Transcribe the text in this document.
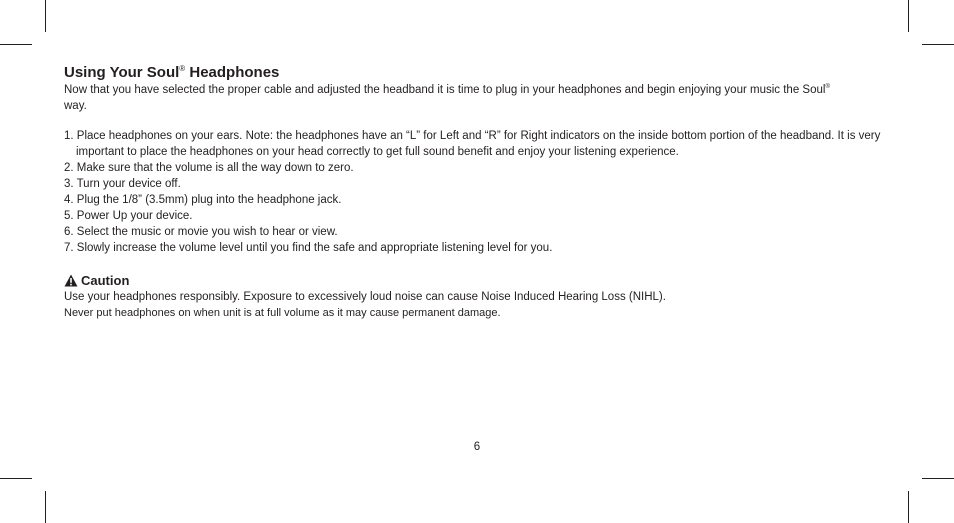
Using Your Soul® Headphones

Now that you have selected the proper cable and adjusted the headband it is time to plug in your headphones and begin enjoying your music the Soul®
way.

1. Place headphones on your ears. Note: the headphones have an “L” for Left and “R” for Right indicators on the inside bottom portion of the headband. It is very important to place the headphones on your head correctly to get full sound benefit and enjoy your listening experience.
2. Make sure that the volume is all the way down to zero.
3. Turn your device off.
4. Plug the 1/8” (3.5mm) plug into the headphone jack.
5. Power Up your device.
6. Select the music or movie you wish to hear or view.
7. Slowly increase the volume level until you find the safe and appropriate listening level for you.
Caution

Use your headphones responsibly. Exposure to excessively loud noise can cause Noise Induced Hearing Loss (NIHL).

Never put headphones on when unit is at full volume as it may cause permanent damage.

6
